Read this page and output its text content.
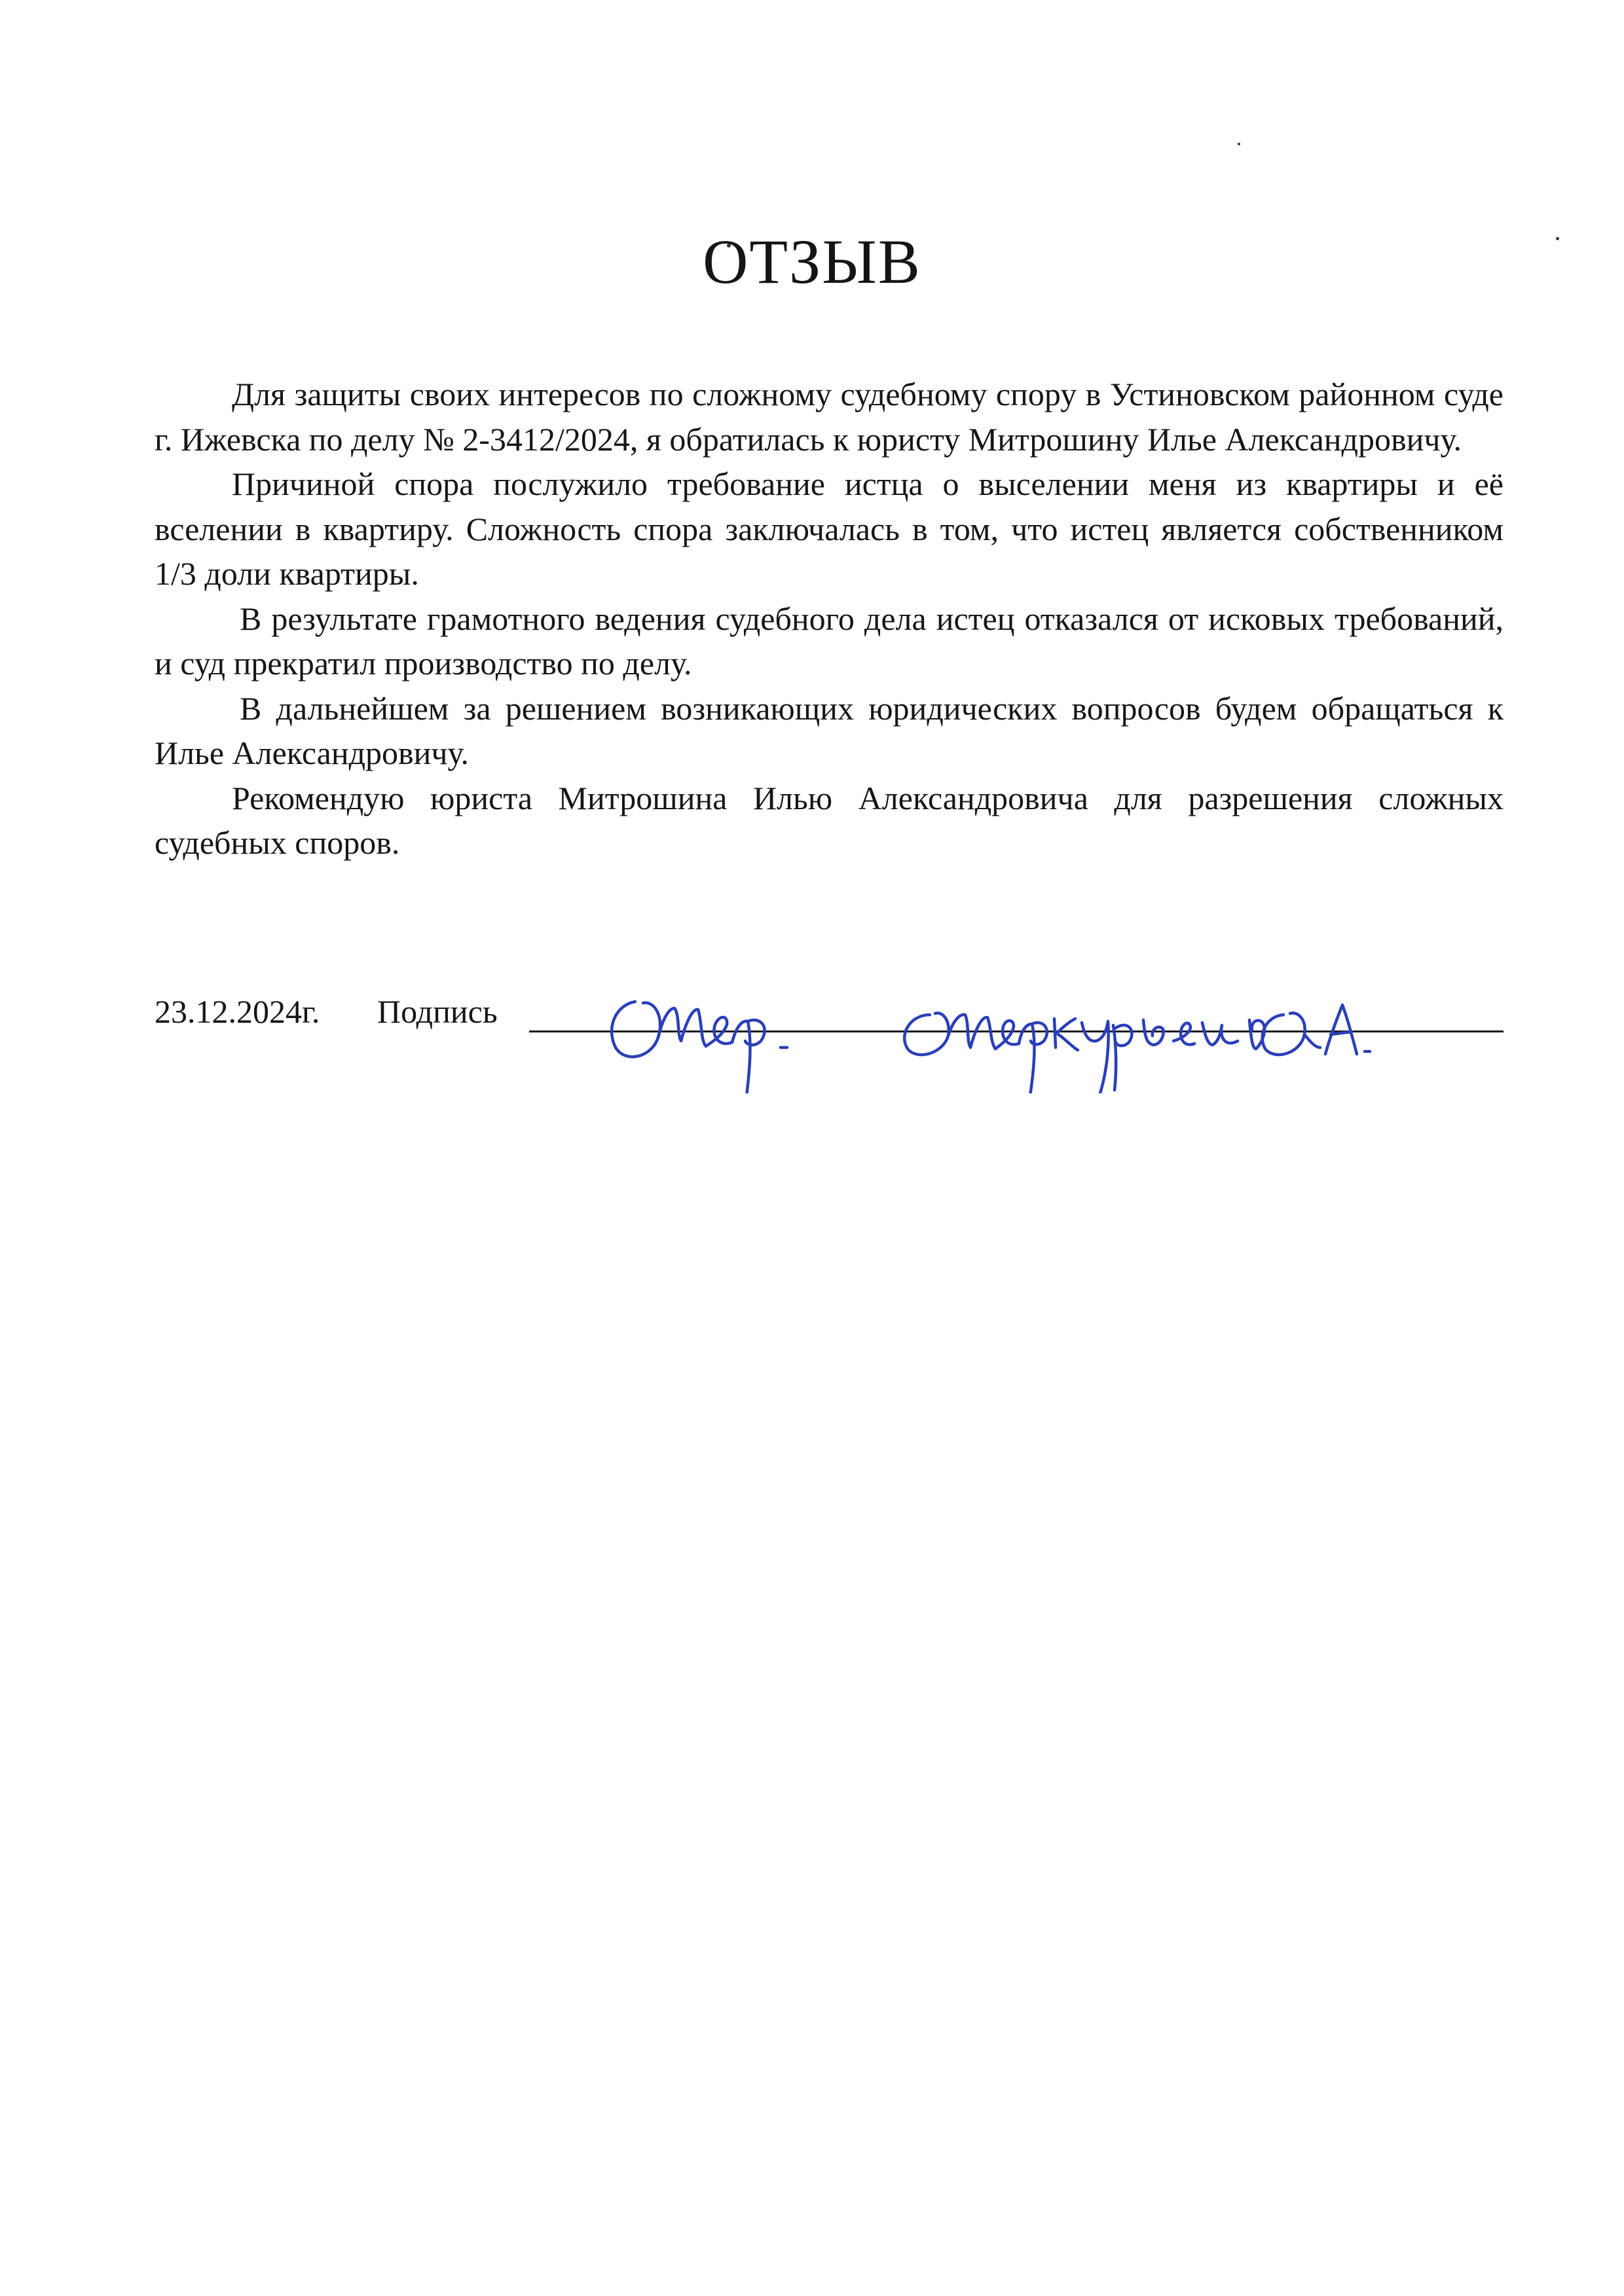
ОТЗЫВ

Для защиты своих интересов по сложному судебному спору в Устиновском районном суде г. Ижевска по делу № 2-3412/2024, я обратилась к юристу Митрошину Илье Александровичу.

Причиной спора послужило требование истца о выселении меня из квартиры и её вселении в квартиру. Сложность спора заключалась в том, что истец является собственником 1/3 доли квартиры.

В результате грамотного ведения судебного дела истец отказался от исковых требований, и суд прекратил производство по делу.

В дальнейшем за решением возникающих юридических вопросов будем обращаться к Илье Александровичу.

Рекомендую юриста Митрошина Илью Александровича для разрешения сложных судебных споров.

23.12.2024г. Подпись
